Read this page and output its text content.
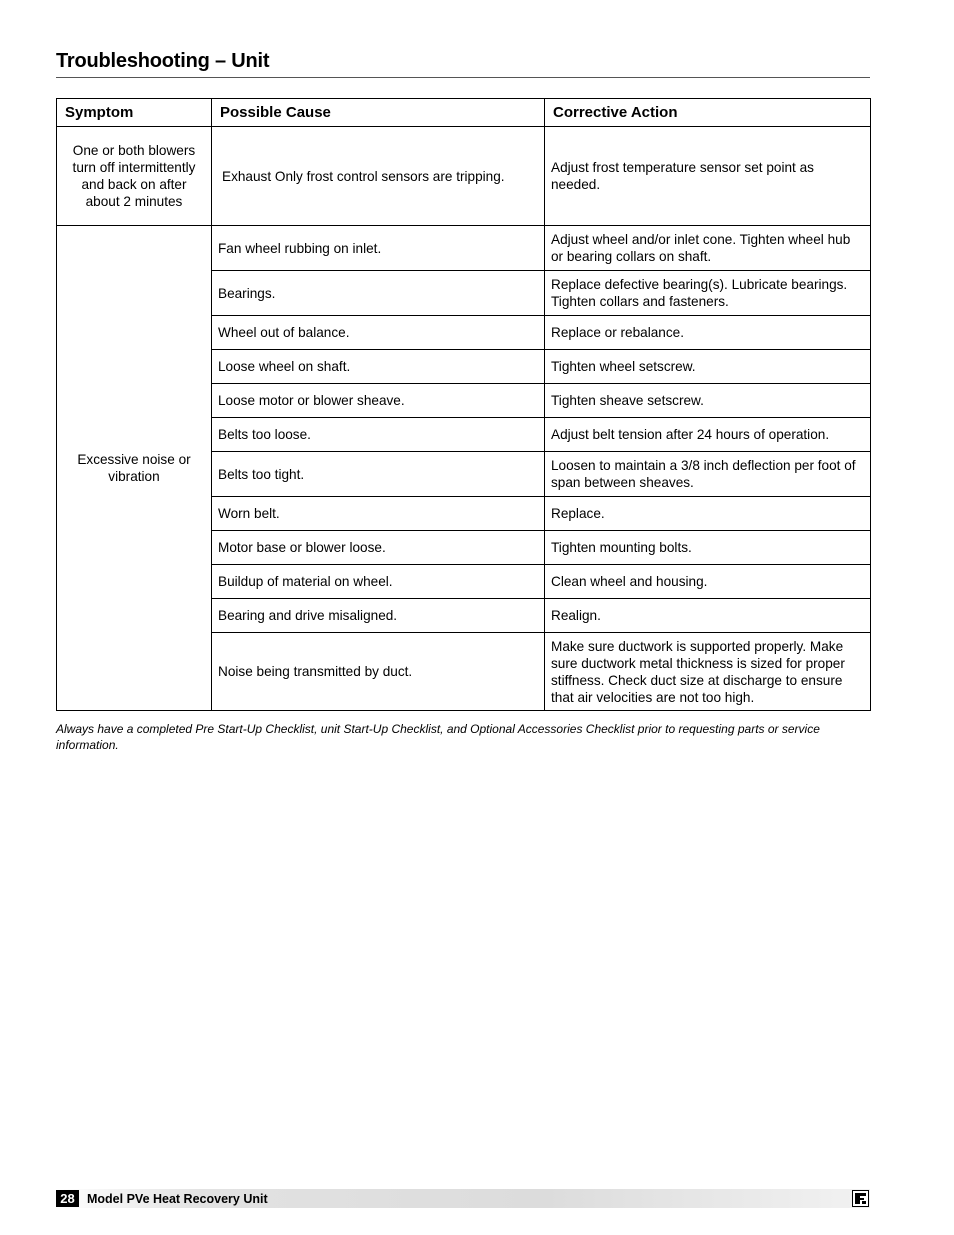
Troubleshooting – Unit
Symptom	Possible Cause	Corrective Action
One or both blowers turn off intermittently and back on after about 2 minutes	Exhaust Only frost control sensors are tripping.	Adjust frost temperature sensor set point as needed.
Excessive noise or vibration	Fan wheel rubbing on inlet.	Adjust wheel and/or inlet cone. Tighten wheel hub or bearing collars on shaft.
	Bearings.	Replace defective bearing(s). Lubricate bearings. Tighten collars and fasteners.
	Wheel out of balance.	Replace or rebalance.
	Loose wheel on shaft.	Tighten wheel setscrew.
	Loose motor or blower sheave.	Tighten sheave setscrew.
	Belts too loose.	Adjust belt tension after 24 hours of operation.
	Belts too tight.	Loosen to maintain a 3/8 inch deflection per foot of span between sheaves.
	Worn belt.	Replace.
	Motor base or blower loose.	Tighten mounting bolts.
	Buildup of material on wheel.	Clean wheel and housing.
	Bearing and drive misaligned.	Realign.
	Noise being transmitted by duct.	Make sure ductwork is supported properly. Make sure ductwork metal thickness is sized for proper stiffness. Check duct size at discharge to ensure that air velocities are not too high.
Always have a completed Pre Start-Up Checklist, unit Start-Up Checklist, and Optional Accessories Checklist prior to requesting parts or service information.
28 Model PVe Heat Recovery Unit
